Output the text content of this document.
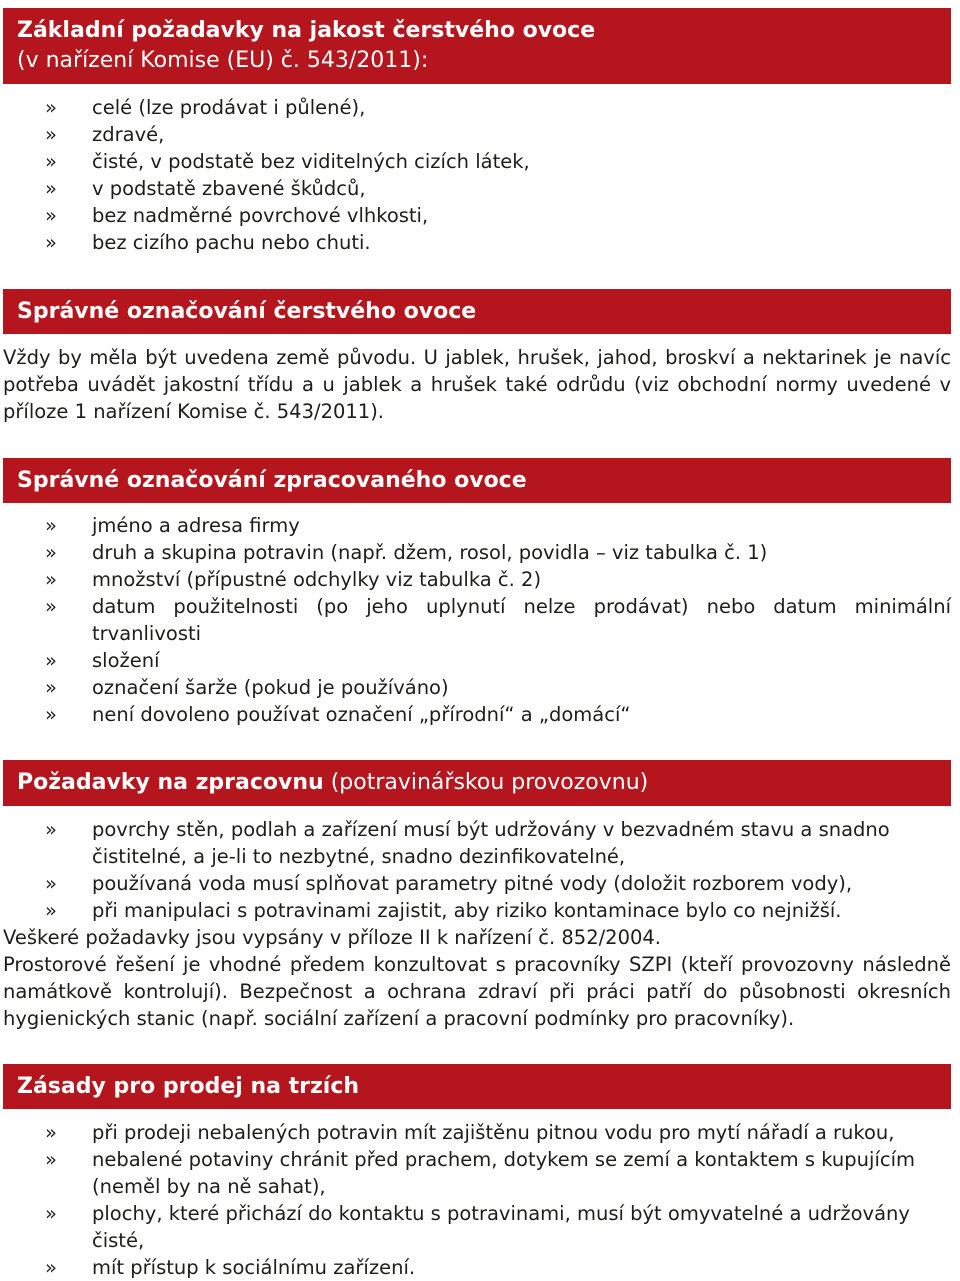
Základní požadavky na jakost čerstvého ovoce
(v nařízení Komise (EU) č. 543/2011):
» celé (lze prodávat i půlené),
» zdravé,
» čisté, v podstatě bez viditelných cizích látek,
» v podstatě zbavené škůdců,
» bez nadměrné povrchové vlhkosti,
» bez cizího pachu nebo chuti.
Správné označování čerstvého ovoce

Vždy by měla být uvedena země původu. U jablek, hrušek, jahod, broskví a nektarinek je navíc potřeba uvádět jakostní třídu a u jablek a hrušek také odrůdu (viz obchodní normy uvedené v příloze 1 nařízení Komise č. 543/2011).

Správné označování zpracovaného ovoce
» jméno a adresa firmy
» druh a skupina potravin (např. džem, rosol, povidla – viz tabulka č. 1)
» množství (přípustné odchylky viz tabulka č. 2)
» datum použitelnosti (po jeho uplynutí nelze prodávat) nebo datum minimální trvanlivosti
» složení
» označení šarže (pokud je používáno)
» není dovoleno používat označení „přírodní“ a „domácí“
Požadavky na zpracovnu (potravinářskou provozovnu)
» povrchy stěn, podlah a zařízení musí být udržovány v bezvadném stavu a snadno čistitelné, a je-li to nezbytné, snadno dezinfikovatelné,
» používaná voda musí splňovat parametry pitné vody (doložit rozborem vody),
» při manipulaci s potravinami zajistit, aby riziko kontaminace bylo co nejnižší.

Veškeré požadavky jsou vypsány v příloze II k nařízení č. 852/2004.

Prostorové řešení je vhodné předem konzultovat s pracovníky SZPI (kteří provozovny následně namátkově kontrolují). Bezpečnost a ochrana zdraví při práci patří do působnosti okresních hygienických stanic (např. sociální zařízení a pracovní podmínky pro pracovníky).

Zásady pro prodej na trzích
» při prodeji nebalených potravin mít zajištěnu pitnou vodu pro mytí nářadí a rukou,
» nebalené potaviny chránit před prachem, dotykem se zemí a kontaktem s kupujícím (neměl by na ně sahat),
» plochy, které přichází do kontaktu s potravinami, musí být omyvatelné a udržovány čisté,
» mít přístup k sociálnímu zařízení.
